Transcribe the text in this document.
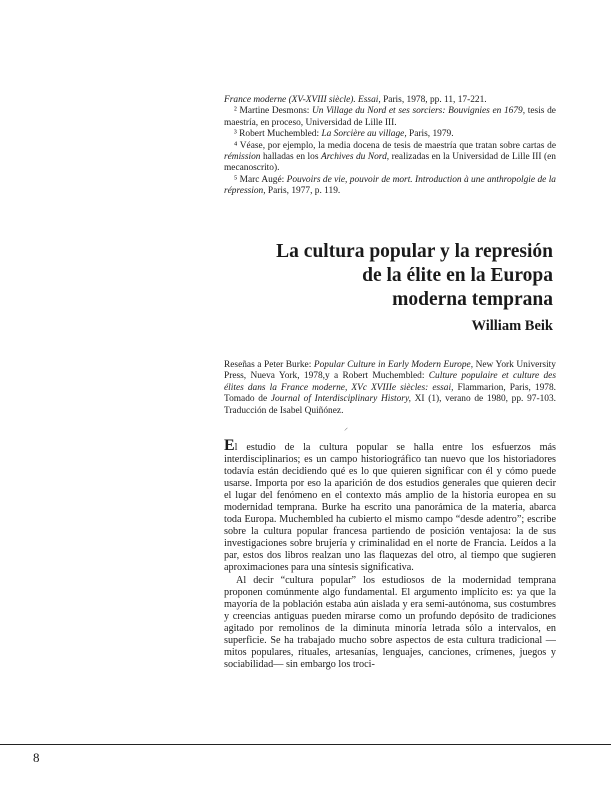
France moderne (XV-XVIII siècle). Essai, Paris, 1978, pp. 11, 17-221.

² Martine Desmons: Un Village du Nord et ses sorciers: Bouvignies en 1679, tesis de maestría, en proceso, Universidad de Lille III.

³ Robert Muchembled: La Sorcière au village, Paris, 1979.

⁴ Véase, por ejemplo, la media docena de tesis de maestría que tratan sobre cartas de rémission halladas en los Archives du Nord, realizadas en la Universidad de Lille III (en mecanoscrito).

⁵ Marc Augé: Pouvoirs de vie, pouvoir de mort. Introduction à une anthropolgie de la répression, Paris, 1977, p. 119.

La cultura popular y la represión
de la élite en la Europa
moderna temprana
William Beik
Reseñas a Peter Burke: Popular Culture in Early Modern Europe, New York University Press, Nueva York, 1978,y a Robert Muchembled: Culture populaire et culture des élites dans la France moderne, XVc XVIIIe siècles: essai, Flammarion, Paris, 1978. Tomado de Journal of Interdisciplinary History, XI (1), verano de 1980, pp. 97-103. Traducción de Isabel Quiñónez.
⸝

El estudio de la cultura popular se halla entre los esfuerzos más interdisciplinarios; es un campo historiográfico tan nuevo que los historiadores todavía están decidiendo qué es lo que quieren significar con él y cómo puede usarse. Importa por eso la aparición de dos estudios generales que quieren decir el lugar del fenómeno en el contexto más amplio de la historia europea en su modernidad temprana. Burke ha escrito una panorámica de la materia, abarca toda Europa. Muchembled ha cubierto el mismo campo “desde adentro”; escribe sobre la cultura popular francesa partiendo de posición ventajosa: la de sus investigaciones sobre brujería y criminalidad en el norte de Francia. Leídos a la par, estos dos libros realzan uno las flaquezas del otro, al tiempo que sugieren aproximaciones para una síntesis significativa.

Al decir “cultura popular” los estudiosos de la modernidad temprana proponen comúnmente algo fundamental. El argumento implícito es: ya que la mayoría de la población estaba aún aislada y era semi-autónoma, sus costumbres y creencias antiguas pueden mirarse como un profundo depósito de tradiciones agitado por remolinos de la diminuta minoría letrada sólo a intervalos, en superficie. Se ha trabajado mucho sobre aspectos de esta cultura tradicional —mitos populares, rituales, artesanías, lenguajes, canciones, crímenes, juegos y sociabilidad— sin embargo los troci-

8
